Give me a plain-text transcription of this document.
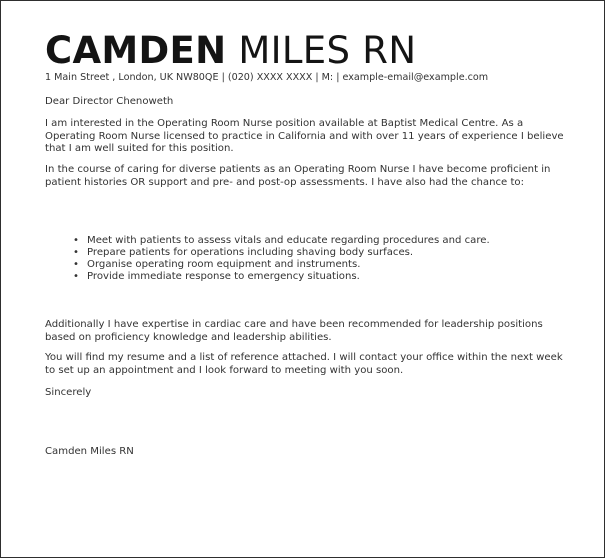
CAMDEN MILES RN
1 Main Street , London, UK NW80QE | (020) XXXX XXXX | M: | example-email@example.com
Dear Director Chenoweth
I am interested in the Operating Room Nurse position available at Baptist Medical Centre. As a Operating Room Nurse licensed to practice in California and with over 11 years of experience I believe that I am well suited for this position.
In the course of caring for diverse patients as an Operating Room Nurse I have become proficient in patient histories OR support and pre- and post-op assessments. I have also had the chance to:
• Meet with patients to assess vitals and educate regarding procedures and care.
• Prepare patients for operations including shaving body surfaces.
• Organise operating room equipment and instruments.
• Provide immediate response to emergency situations.
Additionally I have expertise in cardiac care and have been recommended for leadership positions based on proficiency knowledge and leadership abilities.
You will find my resume and a list of reference attached. I will contact your office within the next week to set up an appointment and I look forward to meeting with you soon.
Sincerely
Camden Miles RN
